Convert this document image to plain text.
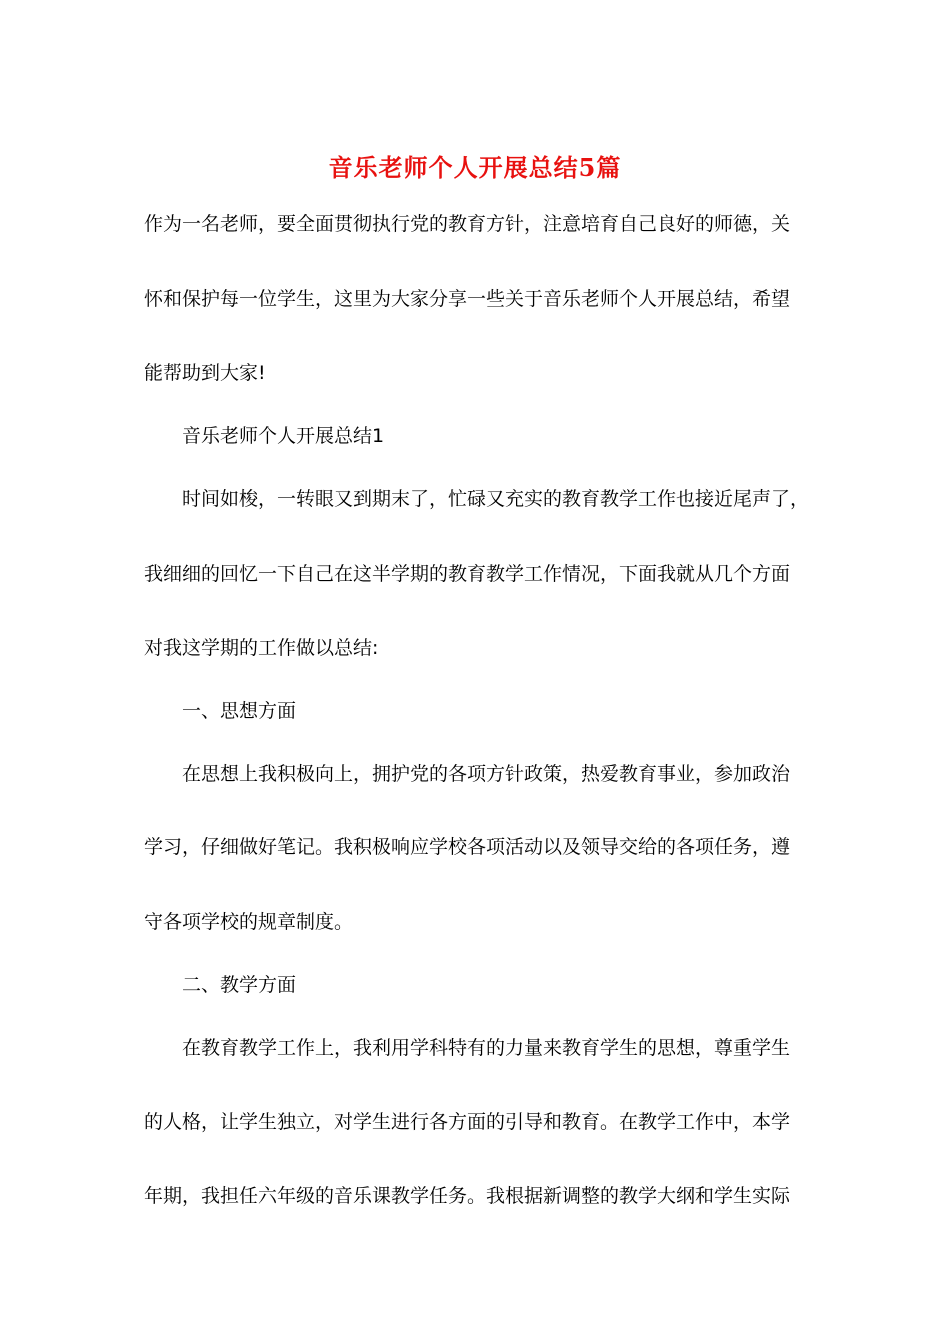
音乐老师个人开展总结5篇
作为一名老师，要全面贯彻执行党的教育方针，注意培育自己良好的师德，关
怀和保护每一位学生，这里为大家分享一些关于音乐老师个人开展总结，希望
能帮助到大家!
音乐老师个人开展总结1
时间如梭，一转眼又到期末了，忙碌又充实的教育教学工作也接近尾声了，
我细细的回忆一下自己在这半学期的教育教学工作情况，下面我就从几个方面
对我这学期的工作做以总结:
一、思想方面
在思想上我积极向上，拥护党的各项方针政策，热爱教育事业，参加政治
学习，仔细做好笔记。我积极响应学校各项活动以及领导交给的各项任务，遵
守各项学校的规章制度。
二、教学方面
在教育教学工作上，我利用学科特有的力量来教育学生的思想，尊重学生
的人格，让学生独立，对学生进行各方面的引导和教育。在教学工作中，本学
年期，我担任六年级的音乐课教学任务。我根据新调整的教学大纲和学生实际
